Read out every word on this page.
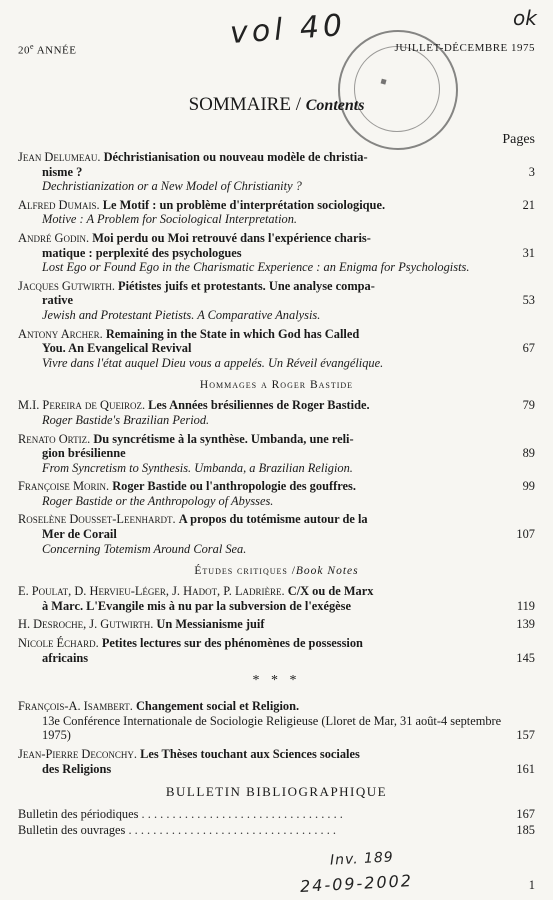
vol 40	ok
20e ANNÉE	JUILLET-DÉCEMBRE 1975
◆
SOMMAIRE / Contents
Pages
Jean Delumeau. Déchristianisation ou nouveau modèle de christia-
nisme ?
Dechristianization or a New Model of Christianity ?
3
Alfred Dumais. Le Motif : un problème d'interprétation sociologique.
Motive : A Problem for Sociological Interpretation.
21
André Godin. Moi perdu ou Moi retrouvé dans l'expérience charis-
matique : perplexité des psychologues
Lost Ego or Found Ego in the Charismatic Experience : an Enigma for Psychologists.
31
Jacques Gutwirth. Piétistes juifs et protestants. Une analyse compa-
rative
Jewish and Protestant Pietists. A Comparative Analysis.
53
Antony Archer. Remaining in the State in which God has Called
You. An Evangelical Revival
Vivre dans l'état auquel Dieu vous a appelés. Un Réveil évangélique.
67
Hommages a Roger Bastide
M.I. Pereira de Queiroz. Les Années brésiliennes de Roger Bastide.
Roger Bastide's Brazilian Period.
79
Renato Ortiz. Du syncrétisme à la synthèse. Umbanda, une reli-
gion brésilienne
From Syncretism to Synthesis. Umbanda, a Brazilian Religion.
89
Françoise Morin. Roger Bastide ou l'anthropologie des gouffres.
Roger Bastide or the Anthropology of Abysses.
99
Roselène Dousset-Leenhardt. A propos du totémisme autour de la
Mer de Corail
Concerning Totemism Around Coral Sea.
107
Études critiques /Book Notes
E. Poulat, D. Hervieu-Léger, J. Hadot, P. Ladrière. C/X ou de Marx
à Marc. L'Evangile mis à nu par la subversion de l'exégèse	119
H. Desroche, J. Gutwirth. Un Messianisme juif	139
Nicole Échard. Petites lectures sur des phénomènes de possession
africains	145
* * *
François-A. Isambert. Changement social et Religion.
13e Conférence Internationale de Sociologie Religieuse (Lloret de Mar, 31 août-4 septembre 1975)	157
Jean-Pierre Deconchy. Les Thèses touchant aux Sciences sociales
des Religions	161
BULLETIN BIBLIOGRAPHIQUE
Bulletin des périodiques . . . . . . . . . . . . . . . . . . . . . . . . . . . . . . . . .	167
Bulletin des ouvrages . . . . . . . . . . . . . . . . . . . . . . . . . . . . . . . . . .	185
Inv. 189
24-09-2002	1
